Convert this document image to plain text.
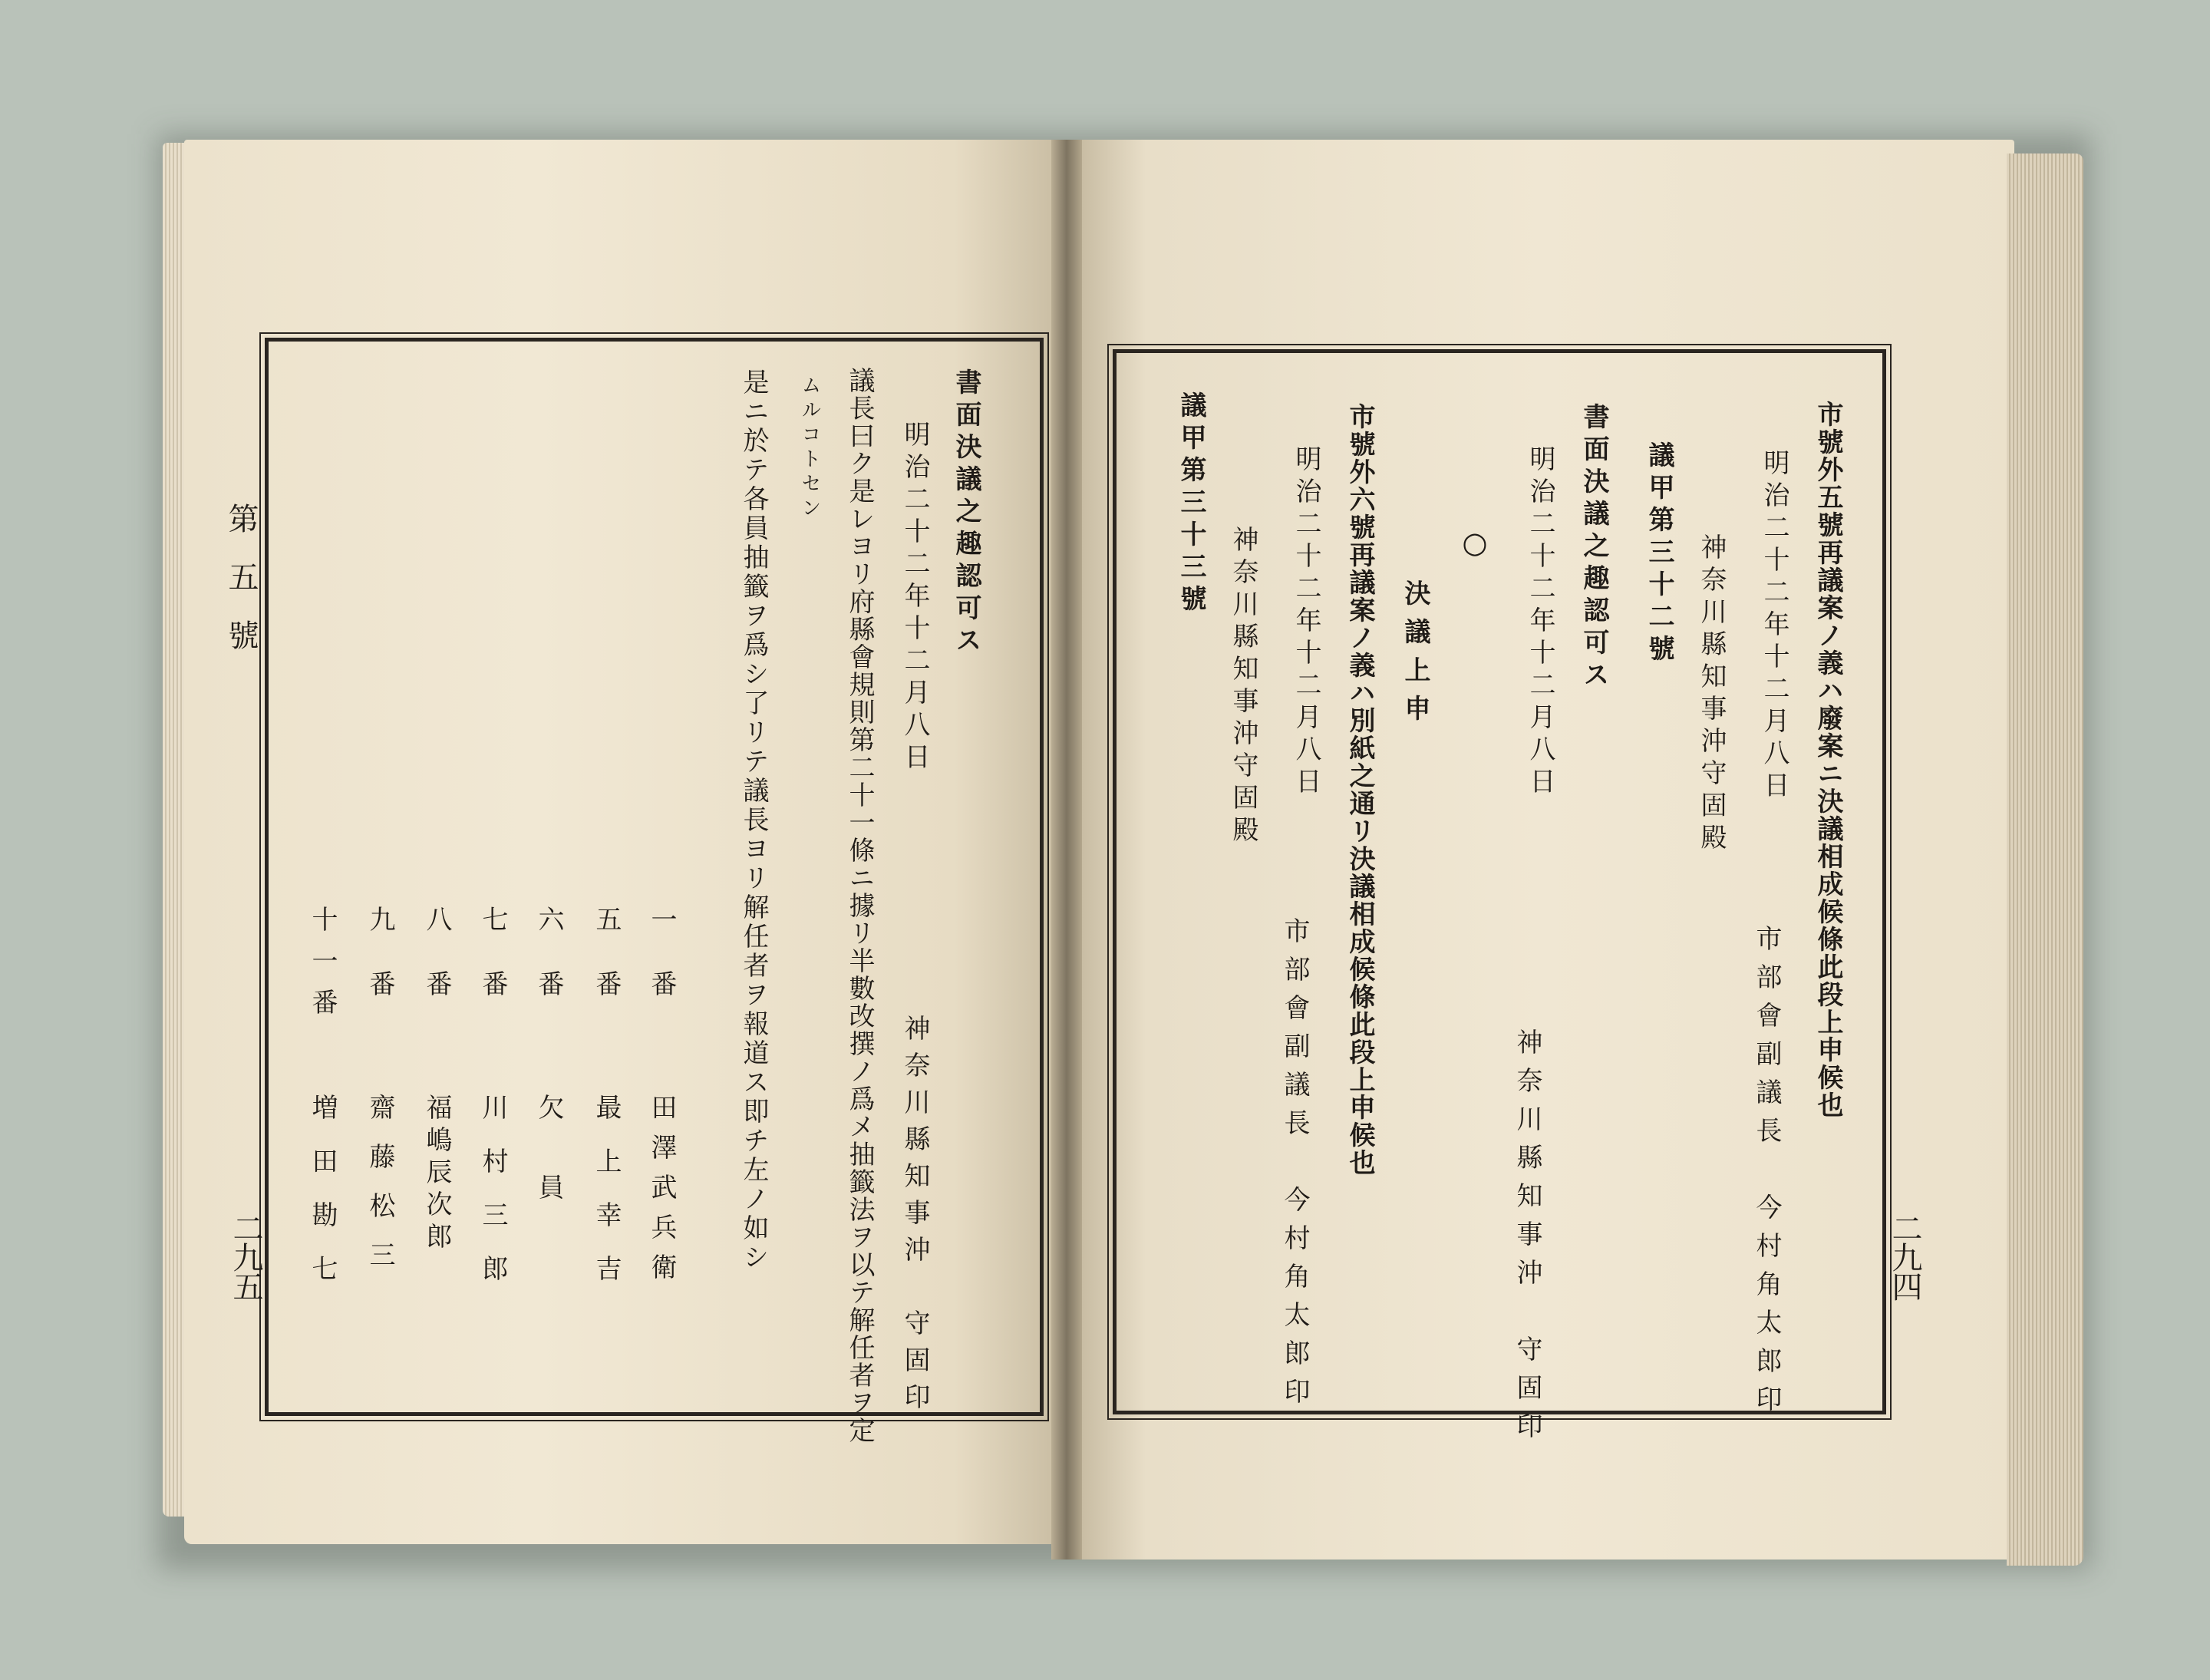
第五號
二九五
書面決議之趣認可ス
明治二十二年十二月八日
神奈川縣知事沖　守固印
議長曰ク是レヨリ府縣會規則第二十一條ニ據リ半數改撰ノ爲メ抽籤法ヲ以テ解任者ヲ定
ムルコトセン
是ニ於テ各員抽籤ヲ爲シ了リテ議長ヨリ解任者ヲ報道ス即チ左ノ如シ
一番
田澤武兵衛
五番
最上幸吉
六番
欠員
七番
川村三郎
八番
福嶋辰次郎
九番
齋藤松三
十一番
増田勘七	二九四
市號外五號再議案ノ義ハ廢案ニ決議相成候條此段上申候也
明治二十二年十二月八日
市部會副議長　今村角太郎印
神奈川縣知事沖守固殿
議甲第三十二號
書面決議之趣認可ス
明治二十二年十二月八日
神奈川縣知事沖　守固印
○
決議上申
市號外六號再議案ノ義ハ別紙之通リ決議相成候條此段上申候也
明治二十二年十二月八日
市部會副議長　今村角太郎印
神奈川縣知事沖守固殿
議甲第三十三號
